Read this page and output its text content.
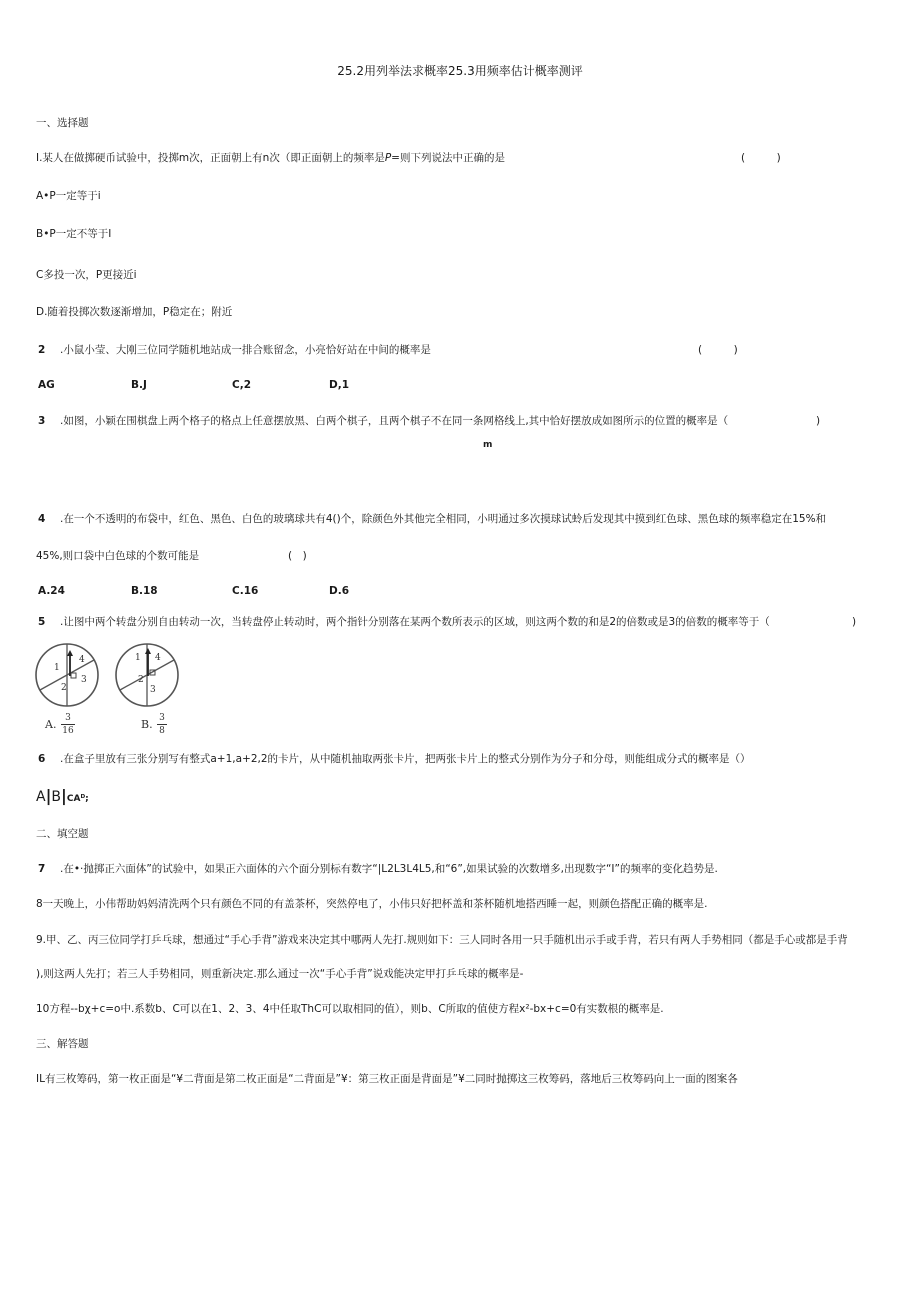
25.2用列举法求概率25.3用频率估计概率测评
一、选择题
I.某人在做掷硬币试验中，投掷m次，正面朝上有n次（即正面朝上的频率是P=则下列说法中正确的是	(　　　)
A•P一定等于i
B•P一定不等于I
C多投一次，P更接近i
D.随着投掷次数逐渐增加，P稳定在；附近
2 .小鼠小莹、大刚三位同学随机地站成一排合账留念，小亮恰好站在中间的概率是	(　　　)
AG	B.J	C,2	D,1
3 .如图，小颖在围棋盘上两个格子的格点上任意摆放黑、白两个棋子，且两个棋子不在同一条网格线上,其中恰好摆放成如图所示的位置的概率是（	)
m
4 .在一个不透明的布袋中，红色、黑色、白色的玻璃球共有4()个，除颜色外其他完全相同，小明通过多次摸球试蛉后发现其中摸到红色球、黑色球的频率稳定在15%和
45%,则口袋中白色球的个数可能是	(　)
A.24	B.18	C.16	D.6
5 .让图中两个转盘分别自由转动一次，当转盘停止转动时，两个指针分别落在某两个数所表示的区域，则这两个数的和是2的倍数或是3的倍数的概率等于（	)
1
4
2
3
1 4
2
3
A. 3
16	B. 3
8
6 .在盒子里放有三张分别写有整式a+1,a+2,2的卡片，从中随机抽取两张卡片，把两张卡片上的整式分别作为分子和分母，则能组成分式的概率是（）
A|B|CAᴰ;
二、填空题
7 .在•·抛掷正六面体”的试验中，如果正六面体的六个面分别标有数字“|L2L3L4L5,和“6”,如果试验的次数增多,出现数字“I”的频率的变化趋势是.
8一天晚上，小伟帮助妈妈清洗两个只有颜色不同的有盖茶杯，突然停电了，小伟只好把杯盖和茶杯随机地搭西睡一起，则颜色搭配正确的概率是.
9.甲、乙、丙三位同学打乒乓球，想通过“手心手背”游戏来决定其中哪两人先打.规则如下：三人同时各用一只手随机出示手或手背，若只有两人手势相同（都是手心或都是手背
),则这两人先打；若三人手势相同，则重新决定.那么通过一次“手心手背”说戏能决定甲打乒乓球的概率是-
10方程--bχ+c=o中.系数b、C可以在1、2、3、4中任取ThC可以取相同的值），则b、C所取的值使方程x²-bx+c=0有实数根的概率是.
三、解答题
IL有三枚筹码，第一枚正面是“¥二背面是第二枚正面是“二背面是”¥：第三枚正面是背面是”¥二同时抛掷这三枚筹码，落地后三枚筹码向上一面的图案各
